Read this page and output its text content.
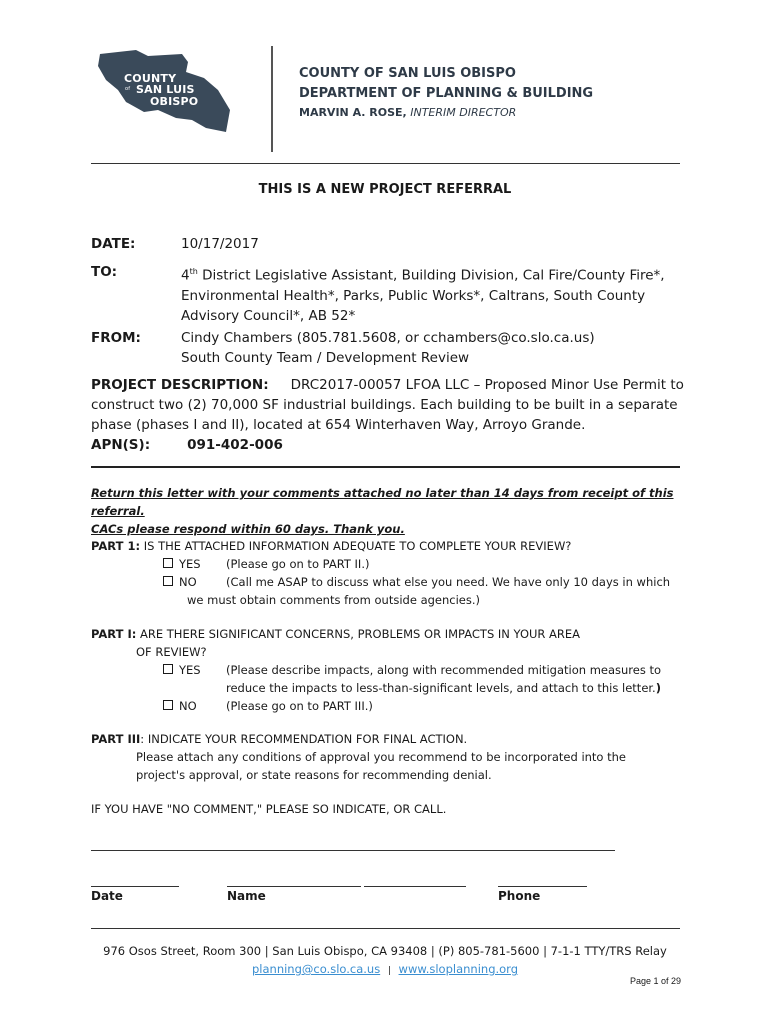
COUNTY
of SAN LUIS
OBISPO
COUNTY OF SAN LUIS OBISPO
DEPARTMENT OF PLANNING & BUILDING
MARVIN A. ROSE, INTERIM DIRECTOR
THIS IS A NEW PROJECT REFERRAL
DATE:	10/17/2017
TO:	4th District Legislative Assistant, Building Division, Cal Fire/County Fire*,
Environmental Health*, Parks, Public Works*, Caltrans, South County
Advisory Council*, AB 52*
FROM:	Cindy Chambers (805.781.5608, or cchambers@co.slo.ca.us)
South County Team / Development Review
PROJECT DESCRIPTION: DRC2017-00057 LFOA LLC – Proposed Minor Use Permit to
construct two (2) 70,000 SF industrial buildings. Each building to be built in a separate
phase (phases I and II), located at 654 Winterhaven Way, Arroyo Grande.
APN(S):	091-402-006
Return this letter with your comments attached no later than 14 days from receipt of this referral.
CACs please respond within 60 days. Thank you.
PART 1: IS THE ATTACHED INFORMATION ADEQUATE TO COMPLETE YOUR REVIEW?
YES (Please go on to PART II.)
NO	(Call me ASAP to discuss what else you need. We have only 10 days in which
we must obtain comments from outside agencies.)
PART I: ARE THERE SIGNIFICANT CONCERNS, PROBLEMS OR IMPACTS IN YOUR AREA
OF REVIEW?
YES (Please describe impacts, along with recommended mitigation measures to
reduce the impacts to less-than-significant levels, and attach to this letter.)
NO	(Please go on to PART III.)
PART III: INDICATE YOUR RECOMMENDATION FOR FINAL ACTION.
Please attach any conditions of approval you recommend to be incorporated into the
project's approval, or state reasons for recommending denial.
IF YOU HAVE "NO COMMENT," PLEASE SO INDICATE, OR CALL.
Date	Name	Phone
976 Osos Street, Room 300 | San Luis Obispo, CA 93408 | (P) 805-781-5600 | 7-1-1 TTY/TRS Relay
planning@co.slo.ca.us | www.sloplanning.org
Page 1 of 29
